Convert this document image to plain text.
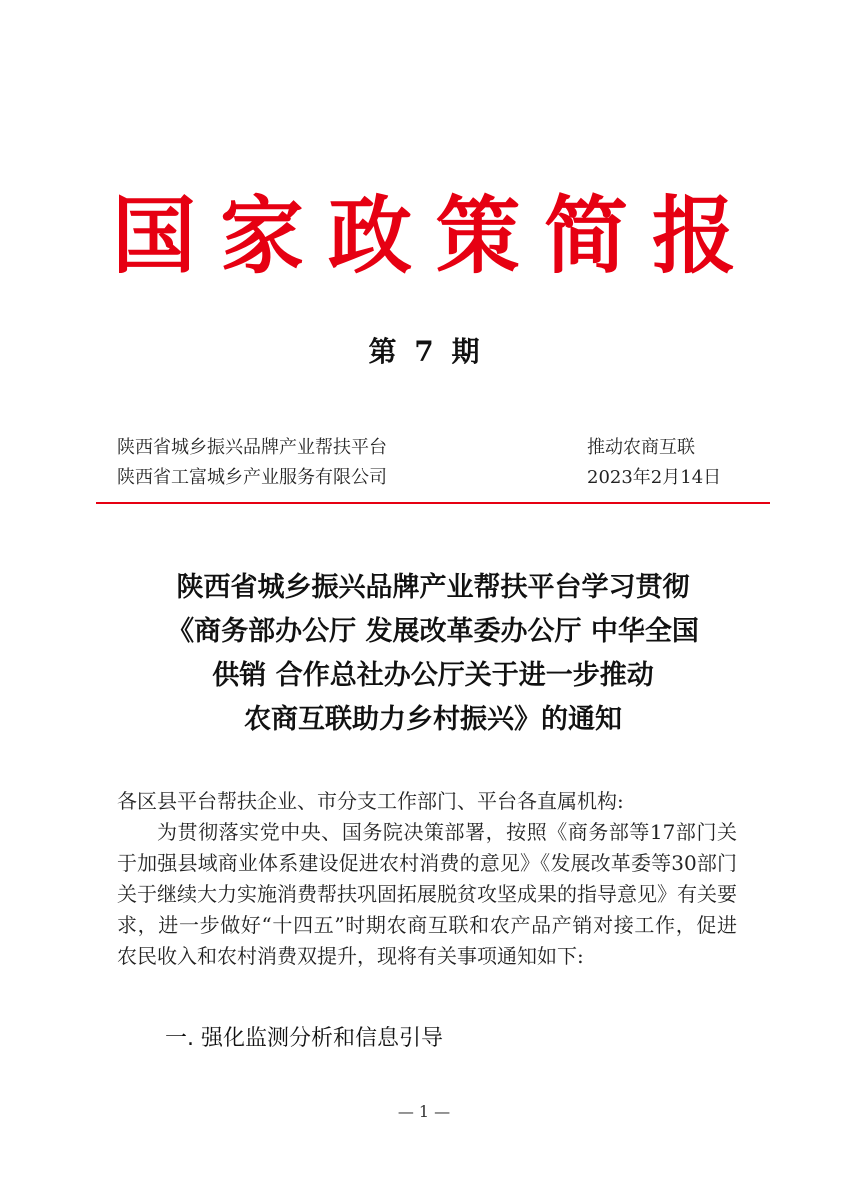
国家政策简报
第 7 期
陕西省城乡振兴品牌产业帮扶平台	推动农商互联
陕西省工富城乡产业服务有限公司	2023年2月14日
陕西省城乡振兴品牌产业帮扶平台学习贯彻
《商务部办公厅 发展改革委办公厅 中华全国
供销 合作总社办公厅关于进一步推动
农商互联助力乡村振兴》的通知

各区县平台帮扶企业、市分支工作部门、平台各直属机构:

为贯彻落实党中央、国务院决策部署，按照《商务部等17部门关于加强县域商业体系建设促进农村消费的意见》《发展改革委等30部门关于继续大力实施消费帮扶巩固拓展脱贫攻坚成果的指导意见》有关要求，进一步做好“十四五”时期农商互联和农产品产销对接工作，促进农民收入和农村消费双提升，现将有关事项通知如下:

一. 强化监测分析和信息引导
— 1 —
